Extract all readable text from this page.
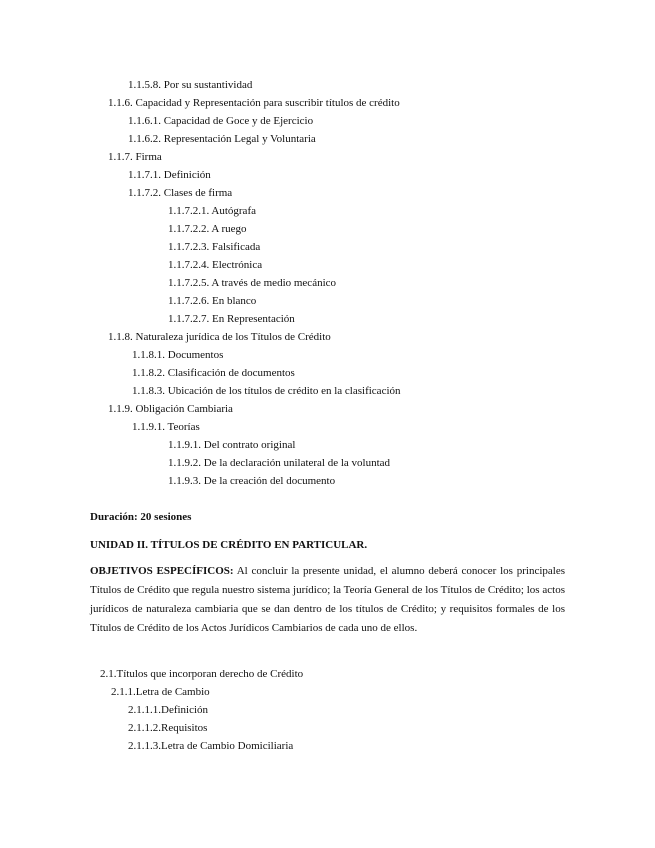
1.1.5.8. Por su sustantividad
1.1.6. Capacidad y Representación para suscribir títulos de crédito
1.1.6.1. Capacidad de Goce y de Ejercicio
1.1.6.2. Representación Legal y Voluntaria
1.1.7. Firma
1.1.7.1. Definición
1.1.7.2. Clases de firma
1.1.7.2.1. Autógrafa
1.1.7.2.2. A ruego
1.1.7.2.3. Falsificada
1.1.7.2.4. Electrónica
1.1.7.2.5. A través de medio mecánico
1.1.7.2.6. En blanco
1.1.7.2.7. En Representación
1.1.8. Naturaleza jurídica de los Títulos de Crédito
1.1.8.1. Documentos
1.1.8.2. Clasificación de documentos
1.1.8.3. Ubicación de los títulos de crédito en la clasificación
1.1.9. Obligación Cambiaria
1.1.9.1. Teorías
1.1.9.1. Del contrato original
1.1.9.2. De la declaración unilateral de la voluntad
1.1.9.3. De la creación del documento
Duración: 20 sesiones
UNIDAD II. TÍTULOS DE CRÉDITO EN PARTICULAR.
OBJETIVOS ESPECÍFICOS: Al concluir la presente unidad, el alumno deberá conocer los principales Títulos de Crédito que regula nuestro sistema jurídico; la Teoría General de los Títulos de Crédito; los actos jurídicos de naturaleza cambiaria que se dan dentro de los títulos de Crédito; y requisitos formales de los Títulos de Crédito de los Actos Jurídicos Cambiarios de cada uno de ellos.
2.1.Títulos que incorporan derecho de Crédito
2.1.1.Letra de Cambio
2.1.1.1.Definición
2.1.1.2.Requisitos
2.1.1.3.Letra de Cambio Domiciliaria
